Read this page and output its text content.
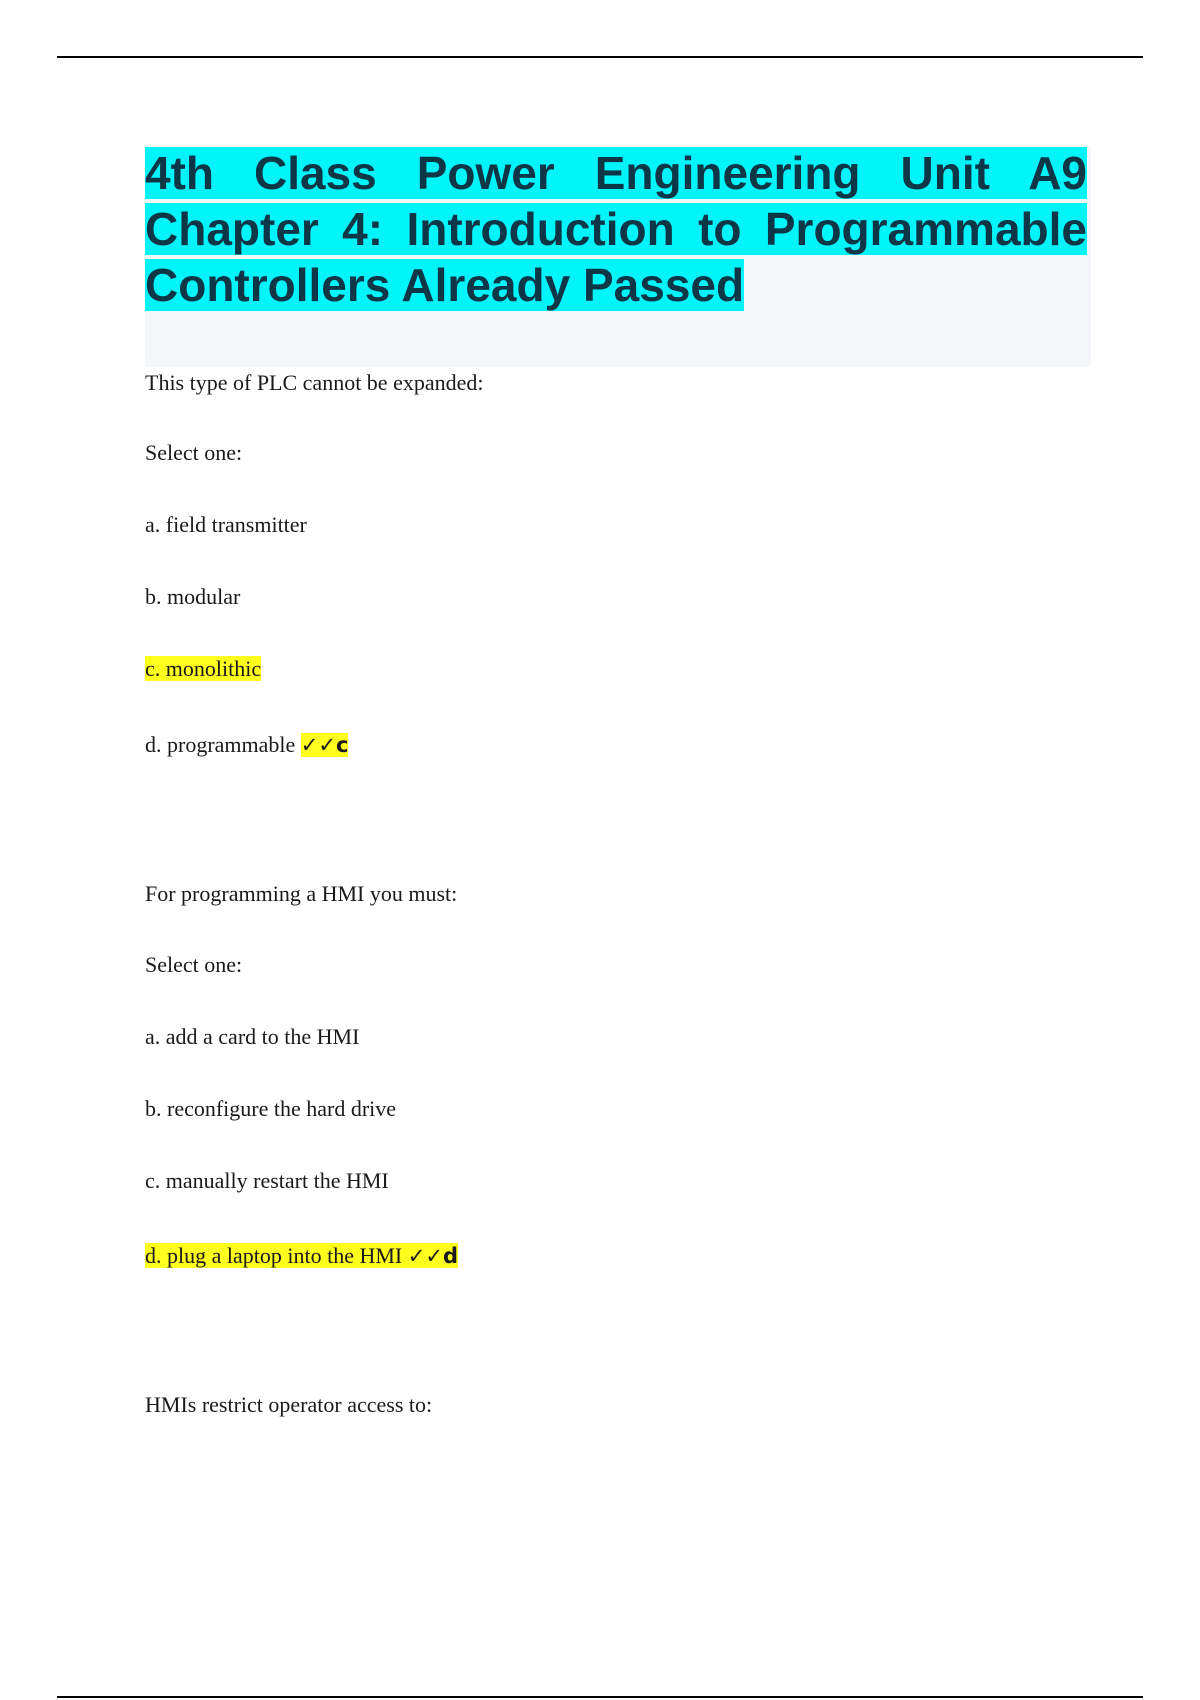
4th Class Power Engineering Unit A9 Chapter 4: Introduction to Programmable Controllers Already Passed

This type of PLC cannot be expanded:

Select one:

a. field transmitter

b. modular

c. monolithic

d. programmable ✓✓c

For programming a HMI you must:

Select one:

a. add a card to the HMI

b. reconfigure the hard drive

c. manually restart the HMI

d. plug a laptop into the HMI ✓✓d

HMIs restrict operator access to:
